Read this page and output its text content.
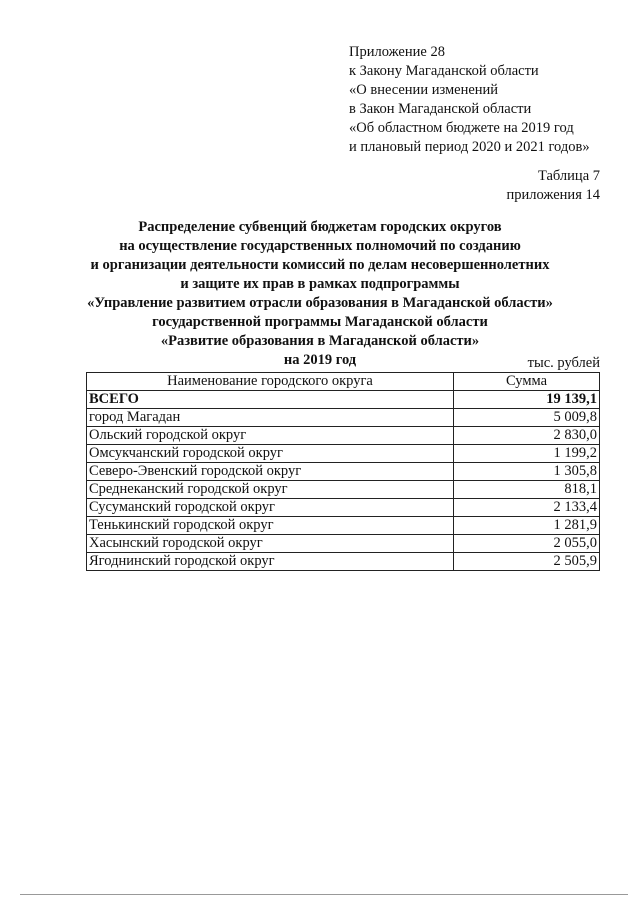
Приложение 28
к Закону Магаданской области
«О внесении изменений
в Закон Магаданской области
«Об областном бюджете на 2019 год
и плановый период 2020 и 2021 годов»
Таблица 7
приложения 14
Распределение субвенций бюджетам городских округов
на осуществление государственных полномочий по созданию
и организации деятельности комиссий по делам несовершеннолетних
и защите их прав в рамках подпрограммы
«Управление развитием отрасли образования в Магаданской области»
государственной программы Магаданской области
«Развитие образования в Магаданской области»
на 2019 год	тыс. рублей
Наименование городского округа	Сумма
ВСЕГО	19 139,1
город Магадан	5 009,8
Ольский городской округ	2 830,0
Омсукчанский городской округ	1 199,2
Северо-Эвенский городской округ	1 305,8
Среднеканский городской округ	818,1
Сусуманский городской округ	2 133,4
Тенькинский городской округ	1 281,9
Хасынский городской округ	2 055,0
Ягоднинский городской округ	2 505,9
